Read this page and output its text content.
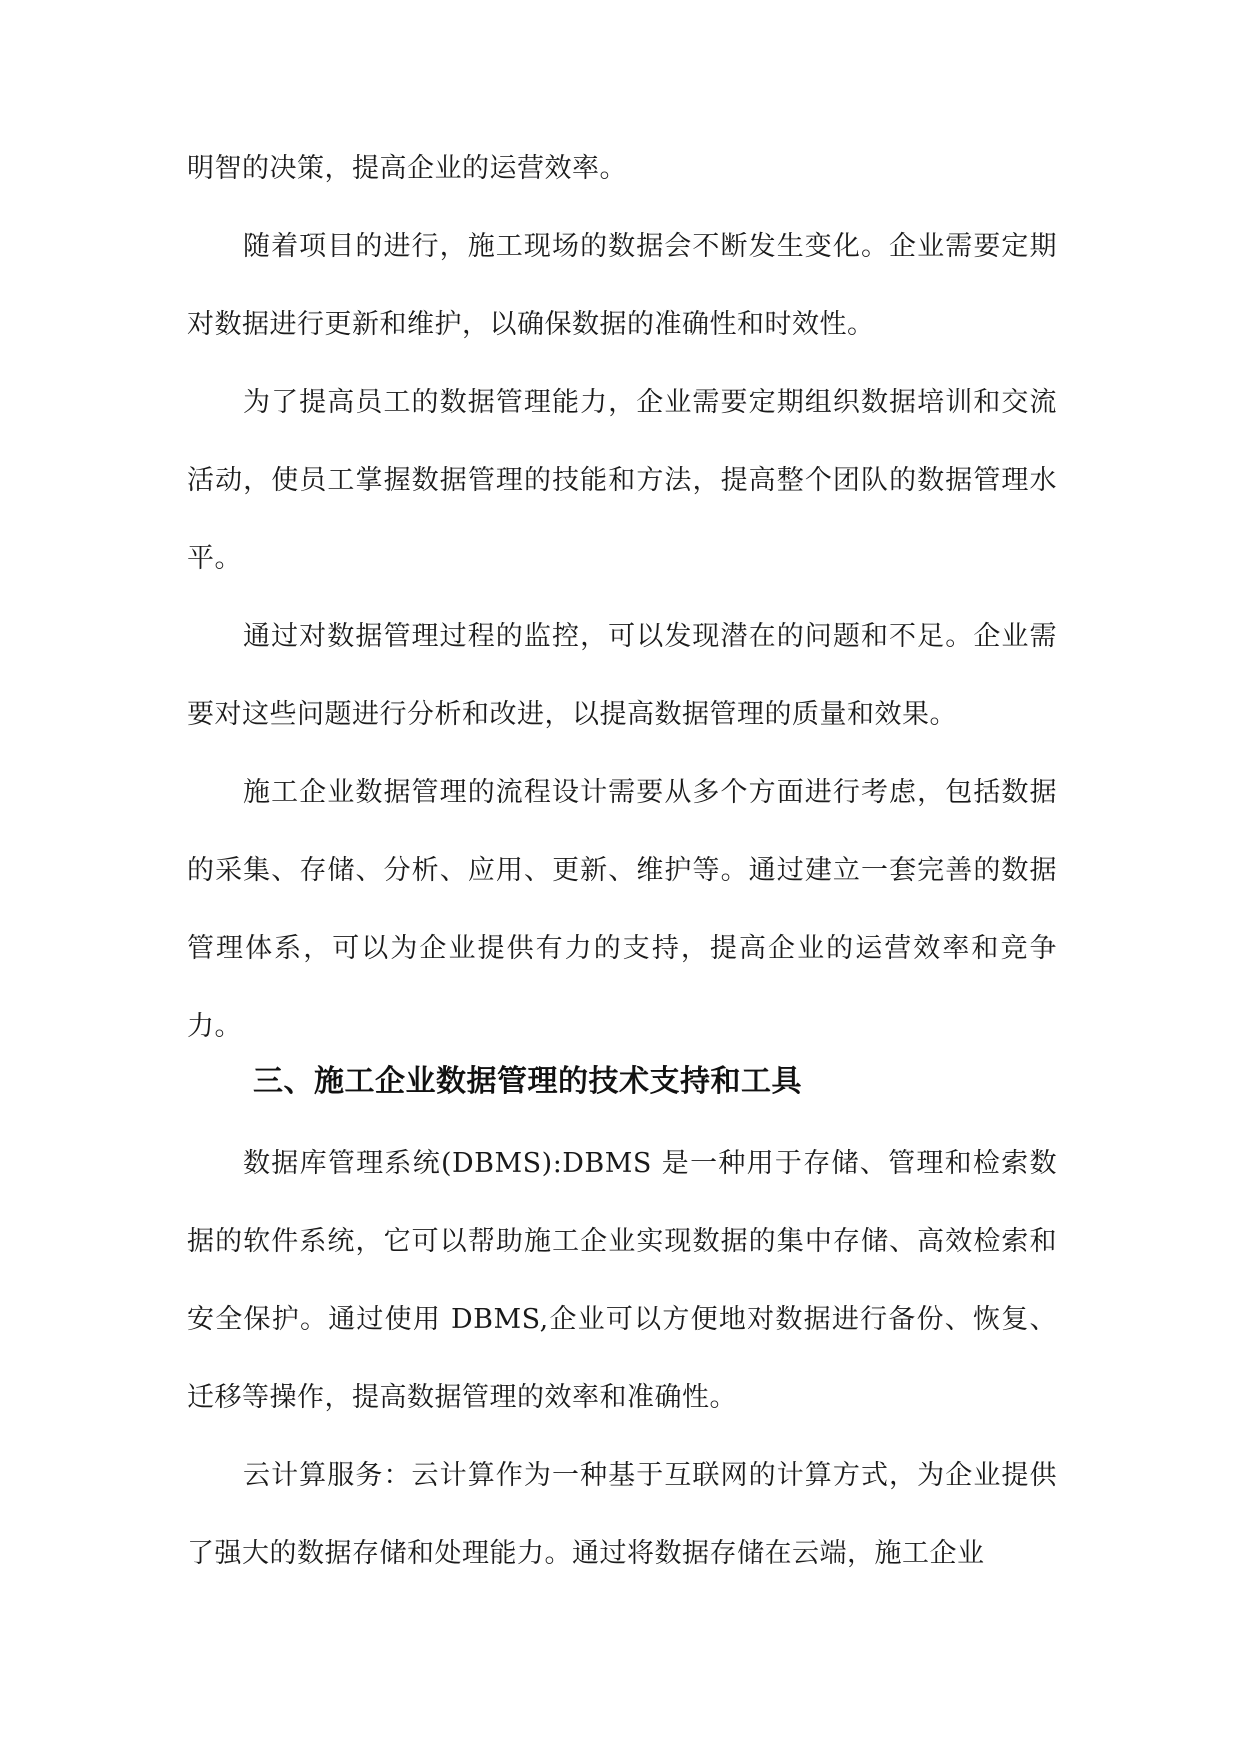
明智的决策，提高企业的运营效率。

随着项目的进行，施工现场的数据会不断发生变化。企业需要定期对数据进行更新和维护，以确保数据的准确性和时效性。

为了提高员工的数据管理能力，企业需要定期组织数据培训和交流活动，使员工掌握数据管理的技能和方法，提高整个团队的数据管理水平。

通过对数据管理过程的监控，可以发现潜在的问题和不足。企业需要对这些问题进行分析和改进，以提高数据管理的质量和效果。

施工企业数据管理的流程设计需要从多个方面进行考虑，包括数据的采集、存储、分析、应用、更新、维护等。通过建立一套完善的数据管理体系，可以为企业提供有力的支持，提高企业的运营效率和竞争力。

三、施工企业数据管理的技术支持和工具

数据库管理系统(DBMS):DBMS 是一种用于存储、管理和检索数据的软件系统，它可以帮助施工企业实现数据的集中存储、高效检索和安全保护。通过使用 DBMS,企业可以方便地对数据进行备份、恢复、迁移等操作，提高数据管理的效率和准确性。

云计算服务：云计算作为一种基于互联网的计算方式，为企业提供了强大的数据存储和处理能力。通过将数据存储在云端，施工企业
